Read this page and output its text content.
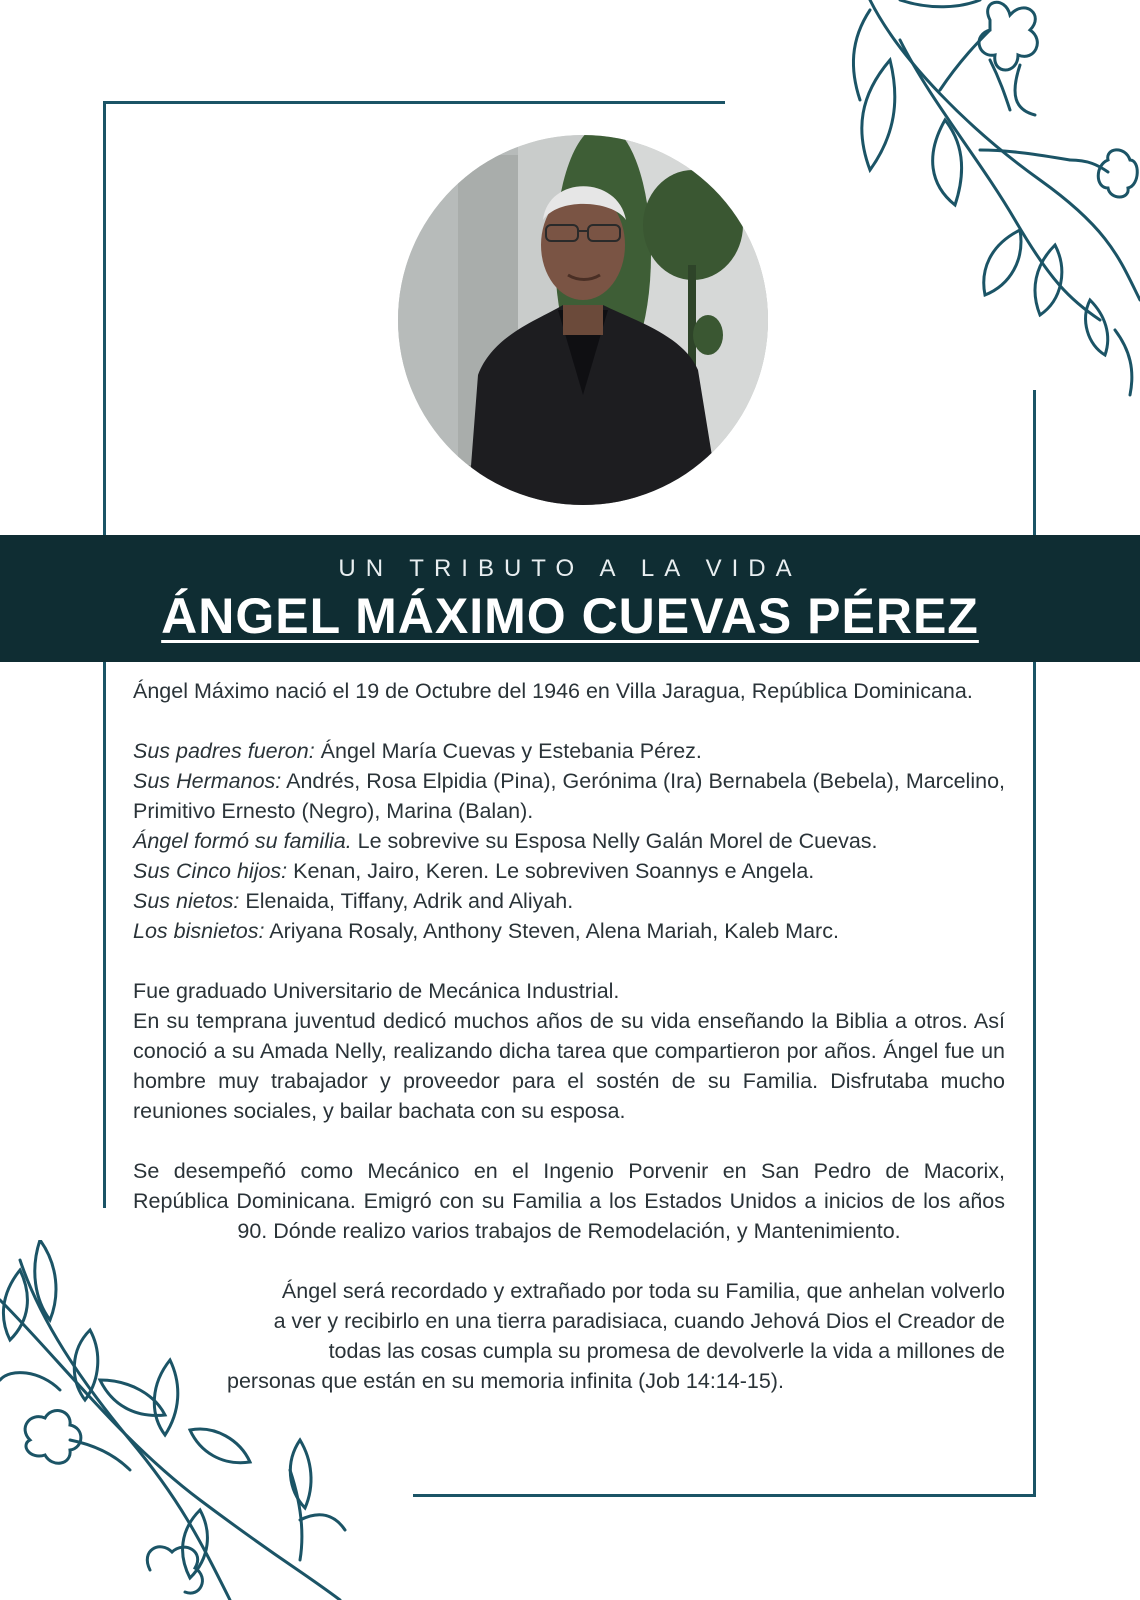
UN TRIBUTO A LA VIDA
ÁNGEL MÁXIMO CUEVAS PÉREZ

Ángel Máximo nació el 19 de Octubre del 1946 en Villa Jaragua, República Dominicana.

Sus padres fueron: Ángel María Cuevas y Estebania Pérez.

Sus Hermanos: Andrés, Rosa Elpidia (Pina), Gerónima (Ira) Bernabela (Bebela), Marcelino, Primitivo Ernesto (Negro), Marina (Balan).

Ángel formó su familia. Le sobrevive su Esposa Nelly Galán Morel de Cuevas.

Sus Cinco hijos: Kenan, Jairo, Keren. Le sobreviven Soannys e Angela.

Sus nietos: Elenaida, Tiffany, Adrik and Aliyah.

Los bisnietos: Ariyana Rosaly, Anthony Steven, Alena Mariah, Kaleb Marc.

Fue graduado Universitario de Mecánica Industrial.

En su temprana juventud dedicó muchos años de su vida enseñando la Biblia a otros. Así conoció a su Amada Nelly, realizando dicha tarea que compartieron por años. Ángel fue un hombre muy trabajador y proveedor para el sostén de su Familia. Disfrutaba mucho reuniones sociales, y bailar bachata con su esposa.

Se desempeñó como Mecánico en el Ingenio Porvenir en San Pedro de Macorix, República Dominicana. Emigró con su Familia a los Estados Unidos a inicios de los años 90. Dónde realizo varios trabajos de Remodelación, y Mantenimiento.

Ángel será recordado y extrañado por toda su Familia, que anhelan volverlo
a ver y recibirlo en una tierra paradisiaca, cuando Jehová Dios el Creador de
todas las cosas cumpla su promesa de devolverle la vida a millones de
personas que están en su memoria infinita (Job 14:14-15).
